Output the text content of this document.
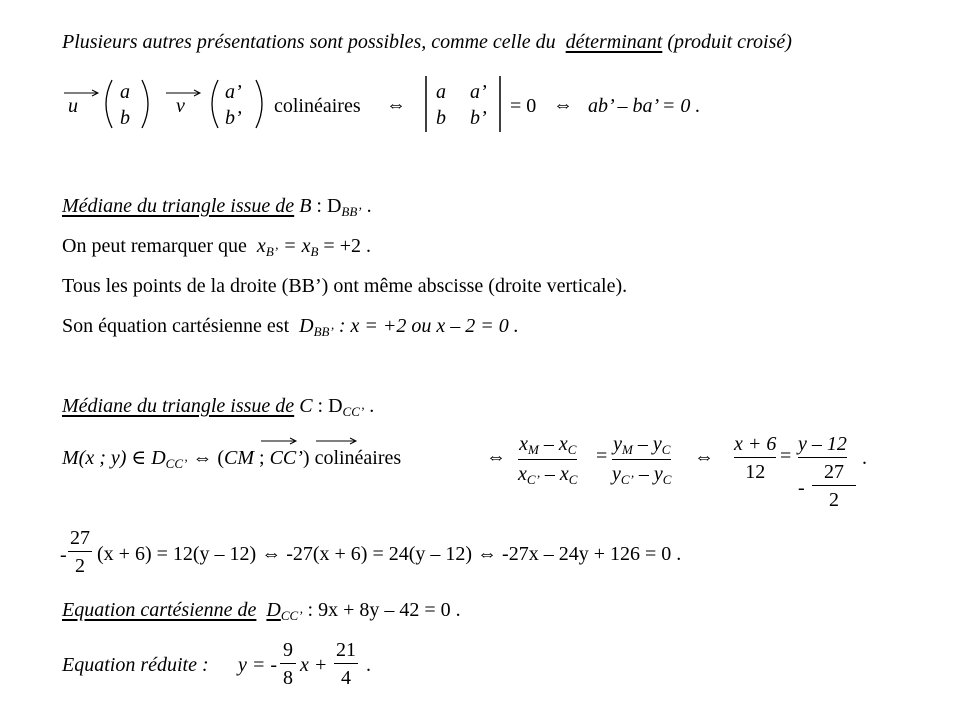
Plusieurs autres présentations sont possibles, comme celle du déterminant (produit croisé)
u
a
b
v
a’
b’
colinéaires ⇔
a a’
b b’
= 0 ⇔ ab’ – ba’ = 0 .
Médiane du triangle issue de B : $D_{BB’}$ .
On peut remarquer que $x_{B’} = x_B = +2$ .
Tous les points de la droite (BB’) ont même abscisse (droite verticale).
Son équation cartésienne est $D_{BB’}$ : x = +2 ou x – 2 = 0 .
Médiane du triangle issue de C : $D_{CC’}$ .
M(x ; y) ∈ $D_{CC’}$ ⇔ (CM ; CC’) colinéaires	⇔
$x_M - x_C$
$x_{C’} - x_C$
=
$y_M - y_C$
$y_{C’} - y_C$
⇔
x + 6
12
=
y – 12
-
27
2
.
-
27
2
(x + 6) = 12(y – 12) ⇔ -27(x + 6) = 24(y – 12) ⇔ -27x – 24y + 126 = 0 .
Equation cartésienne de $D_{CC’}$ : 9x + 8y – 42 = 0 .
Equation réduite : y = -
9
8
x +
21
4
.
